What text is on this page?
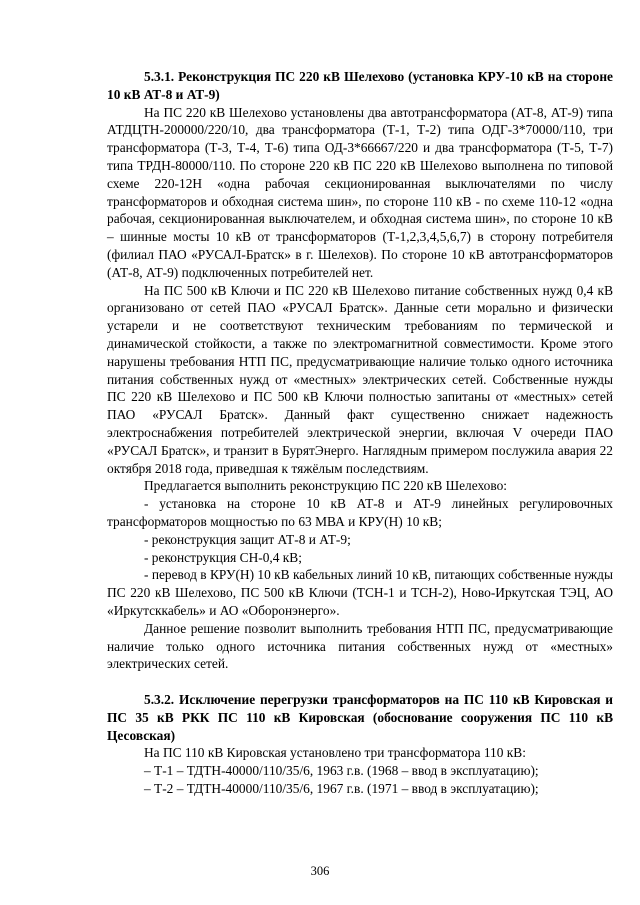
5.3.1. Реконструкция ПС 220 кВ Шелехово (установка КРУ-10 кВ на стороне 10 кВ АТ-8 и АТ-9)

На ПС 220 кВ Шелехово установлены два автотрансформатора (АТ-8, АТ-9) типа АТДЦТН-200000/220/10, два трансформатора (Т-1, Т-2) типа ОДГ-3*70000/110, три трансформатора (Т-3, Т-4, Т-6) типа ОД-3*66667/220 и два трансформатора (Т-5, Т-7) типа ТРДН-80000/110. По стороне 220 кВ ПС 220 кВ Шелехово выполнена по типовой схеме 220-12Н «одна рабочая секционированная выключателями по числу трансформаторов и обходная система шин», по стороне 110 кВ - по схеме 110-12 «одна рабочая, секционированная выключателем, и обходная система шин», по стороне 10 кВ – шинные мосты 10 кВ от трансформаторов (Т-1,2,3,4,5,6,7) в сторону потребителя (филиал ПАО «РУСАЛ-Братск» в г. Шелехов). По стороне 10 кВ автотрансформаторов (АТ-8, АТ-9) подключенных потребителей нет.

На ПС 500 кВ Ключи и ПС 220 кВ Шелехово питание собственных нужд 0,4 кВ организовано от сетей ПАО «РУСАЛ Братск». Данные сети морально и физически устарели и не соответствуют техническим требованиям по термической и динамической стойкости, а также по электромагнитной совместимости. Кроме этого нарушены требования НТП ПС, предусматривающие наличие только одного источника питания собственных нужд от «местных» электрических сетей. Собственные нужды ПС 220 кВ Шелехово и ПС 500 кВ Ключи полностью запитаны от «местных» сетей ПАО «РУСАЛ Братск». Данный факт существенно снижает надежность электроснабжения потребителей электрической энергии, включая V очереди ПАО «РУСАЛ Братск», и транзит в БурятЭнерго. Наглядным примером послужила авария 22 октября 2018 года, приведшая к тяжёлым последствиям.

Предлагается выполнить реконструкцию ПС 220 кВ Шелехово:

- установка на стороне 10 кВ АТ-8 и АТ-9 линейных регулировочных трансформаторов мощностью по 63 МВА и КРУ(Н) 10 кВ;

- реконструкция защит АТ-8 и АТ-9;

- реконструкция СН-0,4 кВ;

- перевод в КРУ(Н) 10 кВ кабельных линий 10 кВ, питающих собственные нужды ПС 220 кВ Шелехово, ПС 500 кВ Ключи (ТСН-1 и ТСН-2), Ново-Иркутская ТЭЦ, АО «Иркутсккабель» и АО «Оборонэнерго».

Данное решение позволит выполнить требования НТП ПС, предусматривающие наличие только одного источника питания собственных нужд от «местных» электрических сетей.

5.3.2. Исключение перегрузки трансформаторов на ПС 110 кВ Кировская и ПС 35 кВ РКК ПС 110 кВ Кировская (обоснование сооружения ПС 110 кВ Цесовская)

На ПС 110 кВ Кировская установлено три трансформатора 110 кВ:

– Т-1 – ТДТН-40000/110/35/6, 1963 г.в. (1968 – ввод в эксплуатацию);

– Т-2 – ТДТН-40000/110/35/6, 1967 г.в. (1971 – ввод в эксплуатацию);

306
